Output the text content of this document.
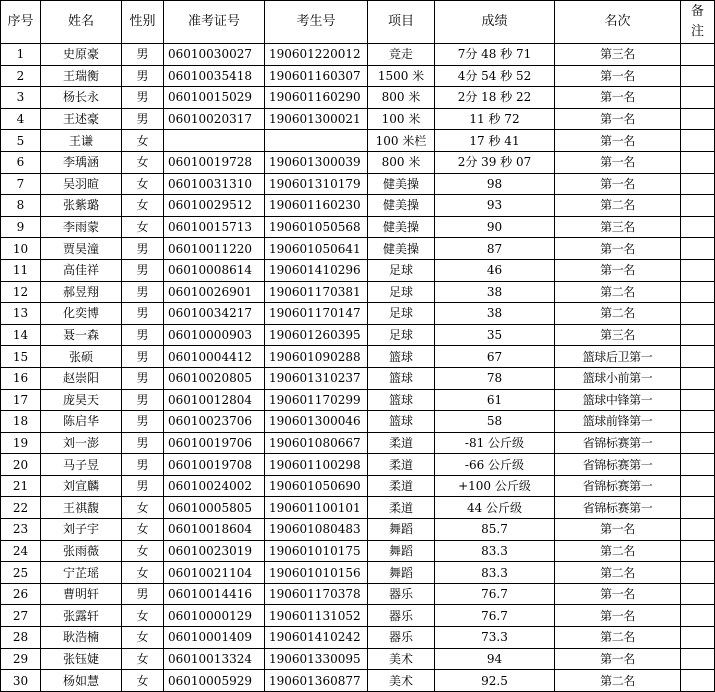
序号	姓名	性别	准考证号	考生号	项目	成绩	名次	备注
1	史原豪	男	06010030027	190601220012	竞走	7分 48 秒 71	第三名	
2	王瑞衡	男	06010035418	190601160307	1500 米	4分 54 秒 52	第一名	
3	杨长永	男	06010015029	190601160290	800 米	2分 18 秒 22	第一名	
4	王述豪	男	06010020317	190601300021	100 米	11 秒 72	第一名	
5	王谦	女			100 米栏	17 秒 41	第一名	
6	李瑀涵	女	06010019728	190601300039	800 米	2分 39 秒 07	第一名	
7	吴羽暄	女	06010031310	190601310179	健美操	98	第一名	
8	张紫璐	女	06010029512	190601160230	健美操	93	第二名	
9	李雨蒙	女	06010015713	190601050568	健美操	90	第三名	
10	贾昊潼	男	06010011220	190601050641	健美操	87	第一名	
11	高佳祥	男	06010008614	190601410296	足球	46	第一名	
12	郝昱翔	男	06010026901	190601170381	足球	38	第二名	
13	化奕博	男	06010034217	190601170147	足球	38	第二名	
14	聂一森	男	06010000903	190601260395	足球	35	第三名	
15	张硕	男	06010004412	190601090288	篮球	67	篮球后卫第一	
16	赵崇阳	男	06010020805	190601310237	篮球	78	篮球小前第一	
17	庞昊天	男	06010012804	190601170299	篮球	61	篮球中锋第一	
18	陈启华	男	06010023706	190601300046	篮球	58	篮球前锋第一	
19	刘一澎	男	06010019706	190601080667	柔道	-81 公斤级	省锦标赛第一	
20	马子昱	男	06010019708	190601100298	柔道	-66 公斤级	省锦标赛第一	
21	刘宣麟	男	06010024002	190601050690	柔道	+100 公斤级	省锦标赛第一	
22	王祺馥	女	06010005805	190601100101	柔道	44 公斤级	省锦标赛第一	
23	刘子宇	女	06010018604	190601080483	舞蹈	85.7	第一名	
24	张雨薇	女	06010023019	190601010175	舞蹈	83.3	第二名	
25	宁芷瑶	女	06010021104	190601010156	舞蹈	83.3	第二名	
26	曹明轩	男	06010014416	190601170378	器乐	76.7	第一名	
27	张露轩	女	06010000129	190601131052	器乐	76.7	第一名	
28	耿浩楠	女	06010001409	190601410242	器乐	73.3	第二名	
29	张钰婕	女	06010013324	190601330095	美术	94	第一名	
30	杨如慧	女	06010005929	190601360877	美术	92.5	第二名	
